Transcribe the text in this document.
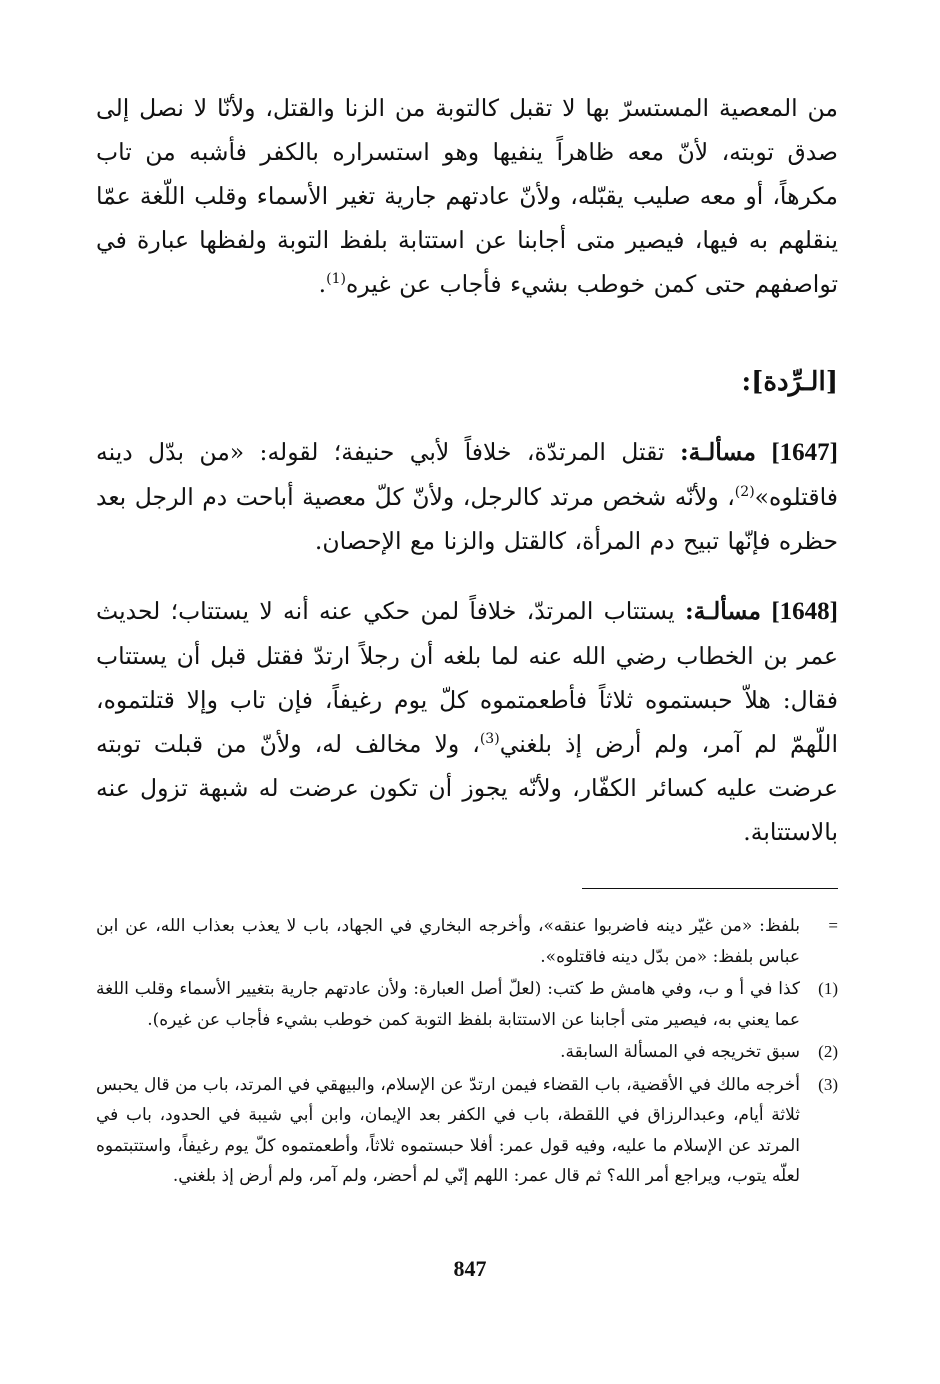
من المعصية المستسرّ بها لا تقبل كالتوبة من الزنا والقتل، ولأنّا لا نصل إلى صدق توبته، لأنّ معه ظاهراً ينفيها وهو استسراره بالكفر فأشبه من تاب مكرهاً، أو معه صليب يقبّله، ولأنّ عادتهم جارية تغير الأسماء وقلب اللّغة عمّا ينقلهم به فيها، فيصير متى أجابنا عن استتابة بلفظ التوبة ولفظها عبارة في تواصفهم حتى كمن خوطب بشيء فأجاب عن غيره$^{(1)}$.

[الـرِّدة]:

[1647] مسألـة: تقتل المرتدّة، خلافاً لأبي حنيفة؛ لقوله: «من بدّل دينه فاقتلوه»$^{(2)}$، ولأنّه شخص مرتد كالرجل، ولأنّ كلّ معصية أباحت دم الرجل بعد حظره فإنّها تبيح دم المرأة، كالقتل والزنا مع الإحصان.

[1648] مسألـة: يستتاب المرتدّ، خلافاً لمن حكي عنه أنه لا يستتاب؛ لحديث عمر بن الخطاب رضي الله عنه لما بلغه أن رجلاً ارتدّ فقتل قبل أن يستتاب فقال: هلاّ حبستموه ثلاثاً فأطعمتموه كلّ يوم رغيفاً، فإن تاب وإلا قتلتموه، اللّهمّ لم آمر، ولم أرض إذ بلغني$^{(3)}$، ولا مخالف له، ولأنّ من قبلت توبته عرضت عليه كسائر الكفّار، ولأنّه يجوز أن تكون عرضت له شبهة تزول عنه بالاستتابة.

=
بلفظ: «من غيّر دينه فاضربوا عنقه»، وأخرجه البخاري في الجهاد، باب لا يعذب بعذاب الله، عن ابن عباس بلفظ: «من بدّل دينه فاقتلوه».
(1)
كذا في أ و ب، وفي هامش ط كتب: (لعلّ أصل العبارة: ولأن عادتهم جارية بتغيير الأسماء وقلب اللغة عما يعني به، فيصير متى أجابنا عن الاستتابة بلفظ التوبة كمن خوطب بشيء فأجاب عن غيره).
(2)
سبق تخريجه في المسألة السابقة.
(3)
أخرجه مالك في الأقضية، باب القضاء فيمن ارتدّ عن الإسلام، والبيهقي في المرتد، باب من قال يحبس ثلاثة أيام، وعبدالرزاق في اللقطة، باب في الكفر بعد الإيمان، وابن أبي شيبة في الحدود، باب في المرتد عن الإسلام ما عليه، وفيه قول عمر: أفلا حبستموه ثلاثاً، وأطعمتموه كلّ يوم رغيفاً، واستتبتموه لعلّه يتوب، ويراجع أمر الله؟ ثم قال عمر: اللهم إنّي لم أحضر، ولم آمر، ولم أرض إذ بلغني.
847
